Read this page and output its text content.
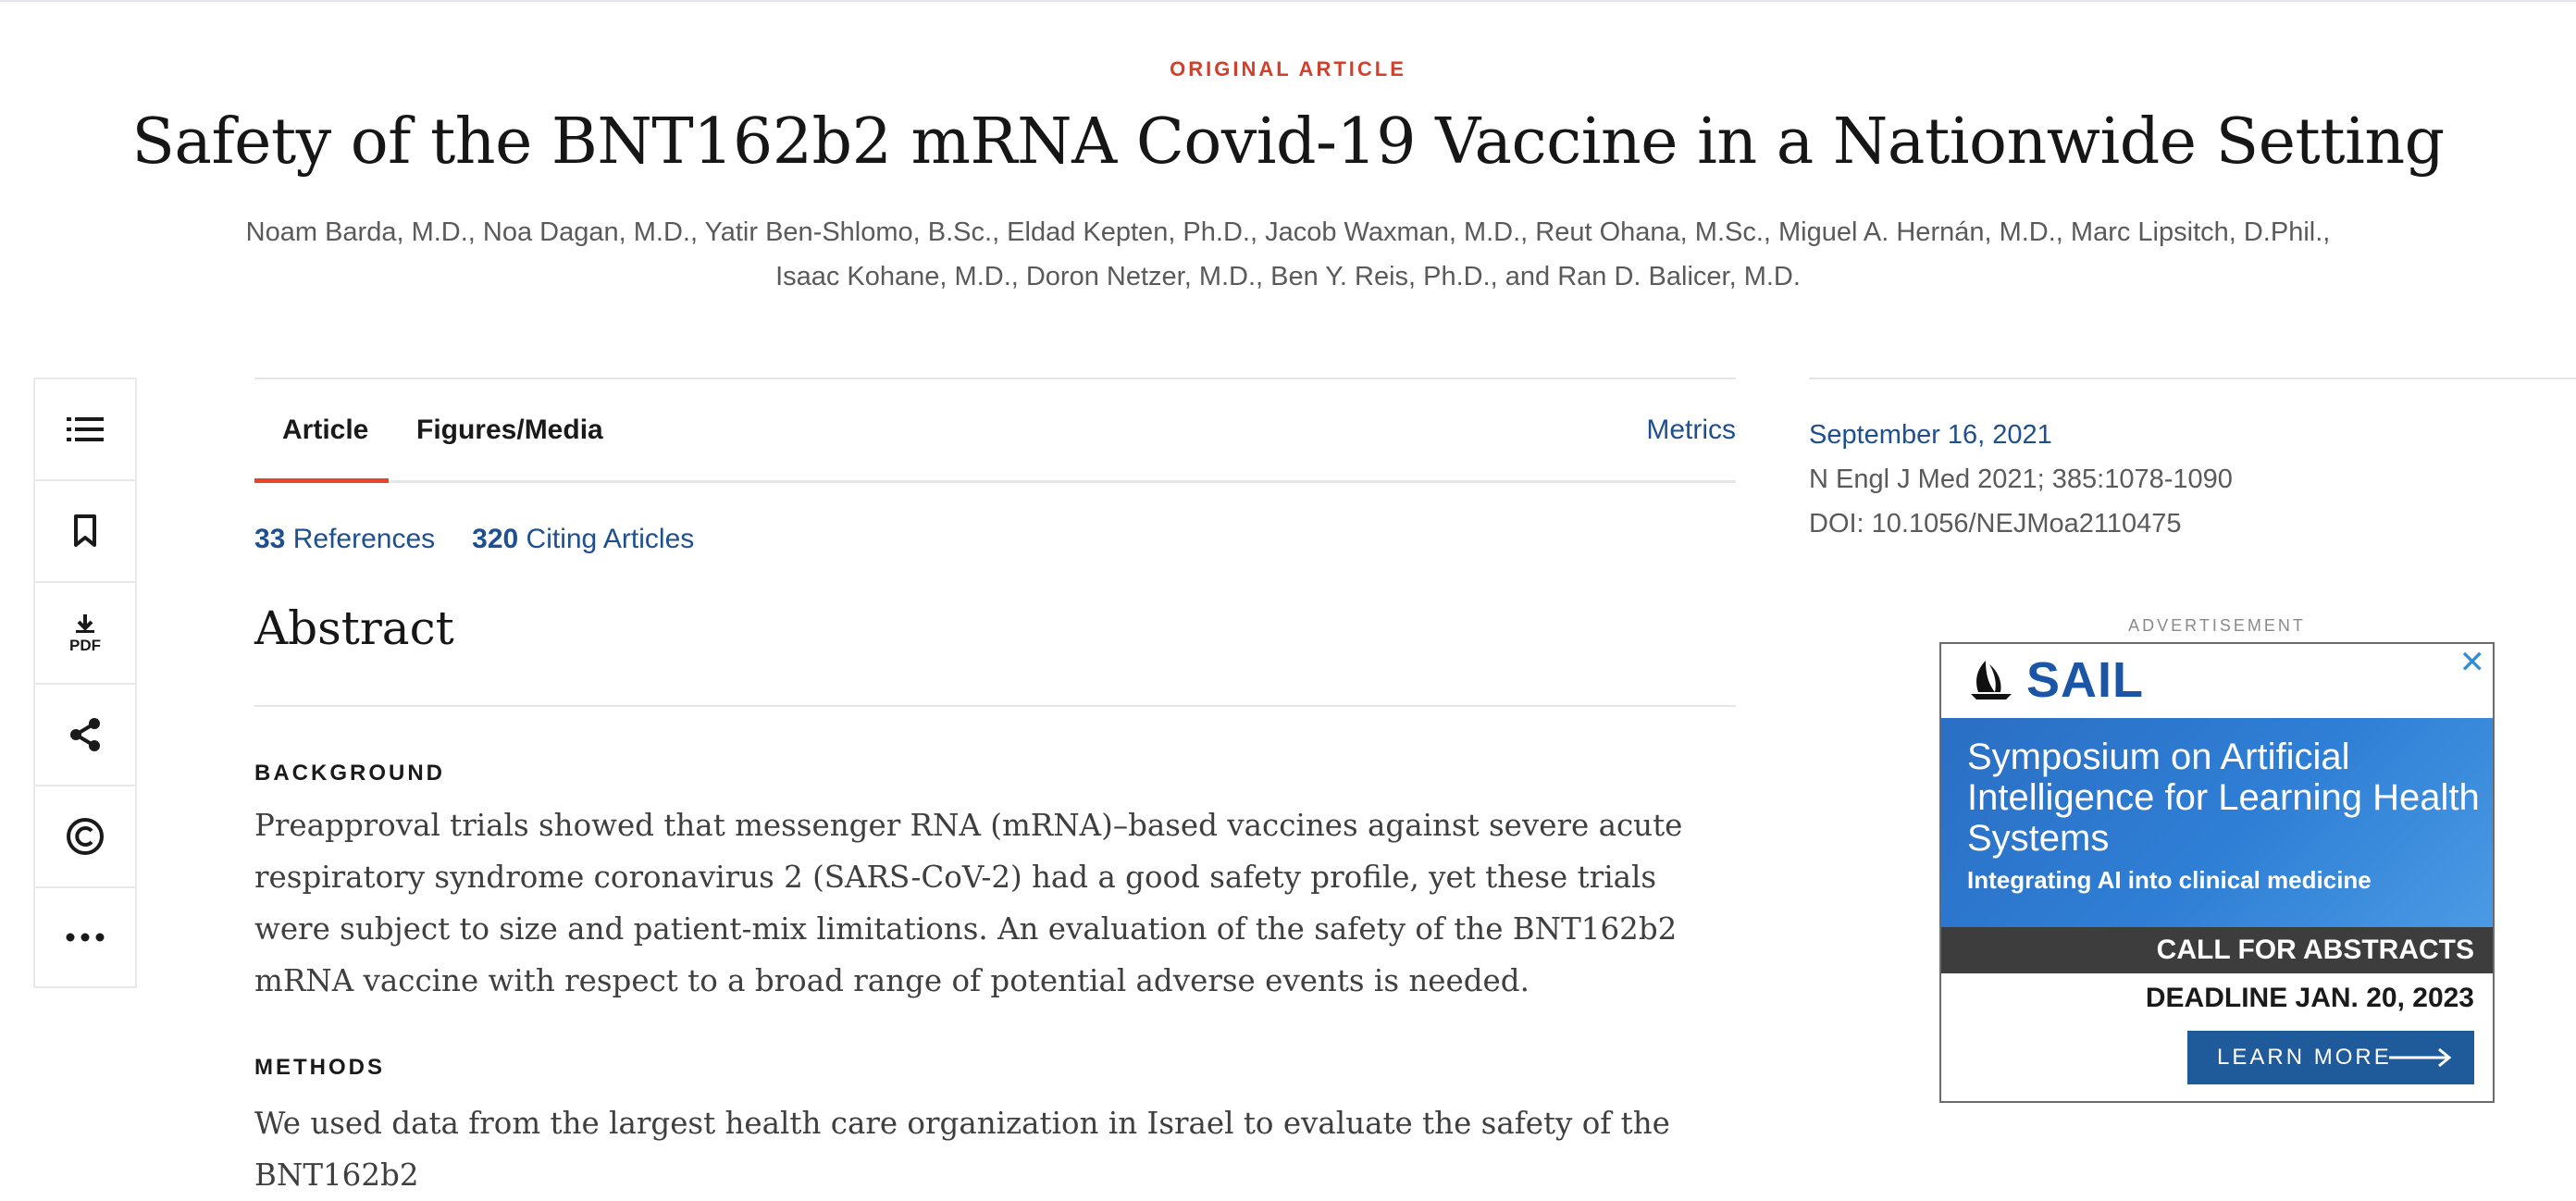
ORIGINAL ARTICLE
Safety of the BNT162b2 mRNA Covid-19 Vaccine in a Nationwide Setting
Noam Barda, M.D., Noa Dagan, M.D., Yatir Ben-Shlomo, B.Sc., Eldad Kepten, Ph.D., Jacob Waxman, M.D., Reut Ohana, M.Sc., Miguel A. Hernán, M.D., Marc Lipsitch, D.Phil.,
Isaac Kohane, M.D., Doron Netzer, M.D., Ben Y. Reis, Ph.D., and Ran D. Balicer, M.D.
PDF
Article Figures/Media	Metrics
33 References 320 Citing Articles
Abstract
BACKGROUND

Preapproval trials showed that messenger RNA (mRNA)–based vaccines against severe acute respiratory syndrome coronavirus 2 (SARS-CoV-2) had a good safety profile, yet these trials were subject to size and patient-mix limitations. An evaluation of the safety of the BNT162b2 mRNA vaccine with respect to a broad range of potential adverse events is needed.

METHODS

We used data from the largest health care organization in Israel to evaluate the safety of the BNT162b2

September 16, 2021
N Engl J Med 2021; 385:1078-1090
DOI: 10.1056/NEJMoa2110475
ADVERTISEMENT
SAIL	✕
Symposium on Artificial Intelligence for Learning Health Systems
Integrating AI into clinical medicine
CALL FOR ABSTRACTS
DEADLINE JAN. 20, 2023
LEARN MORE
